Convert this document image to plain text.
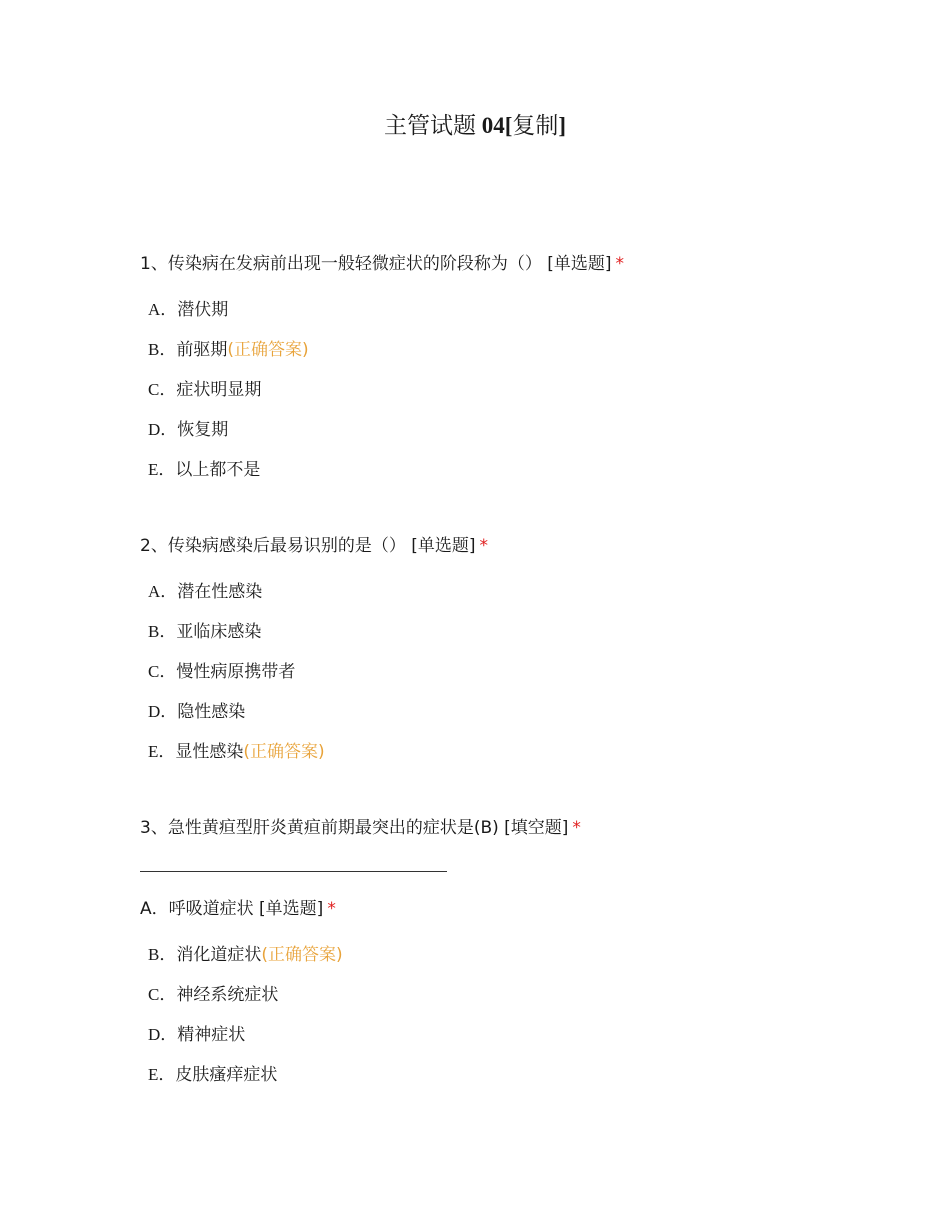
主管试题 04[复制]
1、传染病在发病前出现一般轻微症状的阶段称为（） [单选题] *
A．潜伏期
B．前驱期(正确答案)
C．症状明显期
D．恢复期
E．以上都不是
2、传染病感染后最易识别的是（） [单选题] *
A．潜在性感染
B．亚临床感染
C．慢性病原携带者
D．隐性感染
E．显性感染(正确答案)
3、急性黄疸型肝炎黄疸前期最突出的症状是(B) [填空题] *
A．呼吸道症状 [单选题] *
B．消化道症状(正确答案)
C．神经系统症状
D．精神症状
E．皮肤瘙痒症状
